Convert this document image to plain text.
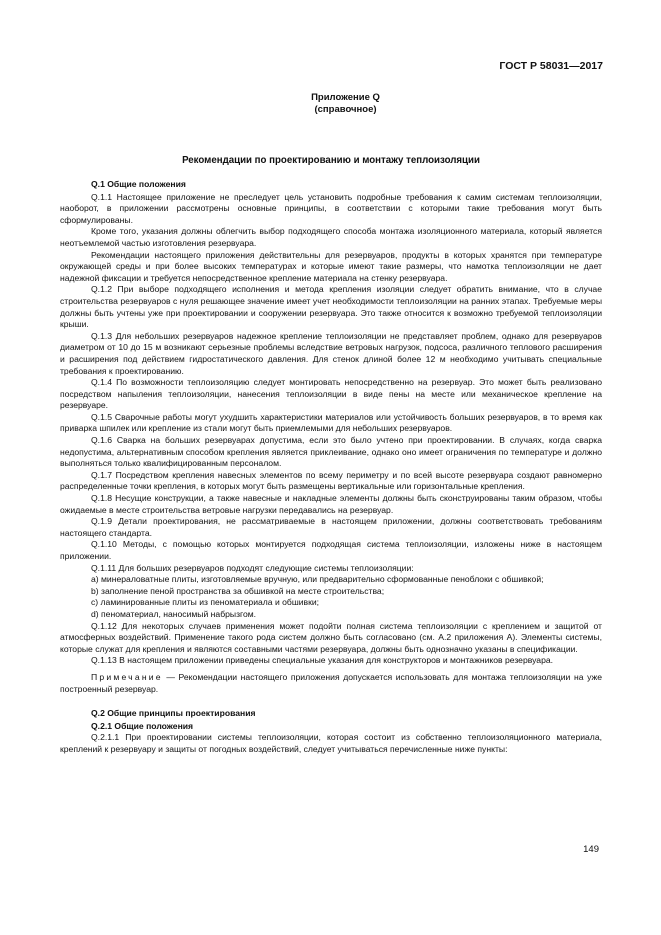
ГОСТ Р 58031—2017
Приложение Q
(справочное)
Рекомендации по проектированию и монтажу теплоизоляции

Q.1 Общие положения

Q.1.1 Настоящее приложение не преследует цель установить подробные требования к самим системам теплоизоляции, наоборот, в приложении рассмотрены основные принципы, в соответствии с которыми такие требования могут быть сформулированы.

Кроме того, указания должны облегчить выбор подходящего способа монтажа изоляционного материала, который является неотъемлемой частью изготовления резервуара.

Рекомендации настоящего приложения действительны для резервуаров, продукты в которых хранятся при температуре окружающей среды и при более высоких температурах и которые имеют такие размеры, что намотка теплоизоляции не дает надежной фиксации и требуется непосредственное крепление материала на стенку резервуара.

Q.1.2 При выборе подходящего исполнения и метода крепления изоляции следует обратить внимание, что в случае строительства резервуаров с нуля решающее значение имеет учет необходимости теплоизоляции на ранних этапах. Требуемые меры должны быть учтены уже при проектировании и сооружении резервуара. Это также относится к возможно требуемой теплоизоляции крыши.

Q.1.3 Для небольших резервуаров надежное крепление теплоизоляции не представляет проблем, однако для резервуаров диаметром от 10 до 15 м возникают серьезные проблемы вследствие ветровых нагрузок, подсоса, различного теплового расширения и расширения под действием гидростатического давления. Для стенок длиной более 12 м необходимо учитывать специальные требования к проектированию.

Q.1.4 По возможности теплоизоляцию следует монтировать непосредственно на резервуар. Это может быть реализовано посредством напыления теплоизоляции, нанесения теплоизоляции в виде пены на месте или механическое крепление на резервуаре.

Q.1.5 Сварочные работы могут ухудшить характеристики материалов или устойчивость больших резервуаров, в то время как приварка шпилек или крепление из стали могут быть приемлемыми для небольших резервуаров.

Q.1.6 Сварка на больших резервуарах допустима, если это было учтено при проектировании. В случаях, когда сварка недопустима, альтернативным способом крепления является приклеивание, однако оно имеет ограничения по температуре и должно выполняться только квалифицированным персоналом.

Q.1.7 Посредством крепления навесных элементов по всему периметру и по всей высоте резервуара создают равномерно распределенные точки крепления, в которых могут быть размещены вертикальные или горизонтальные крепления.

Q.1.8 Несущие конструкции, а также навесные и накладные элементы должны быть сконструированы таким образом, чтобы ожидаемые в месте строительства ветровые нагрузки передавались на резервуар.

Q.1.9 Детали проектирования, не рассматриваемые в настоящем приложении, должны соответствовать требованиям настоящего стандарта.

Q.1.10 Методы, с помощью которых монтируется подходящая система теплоизоляции, изложены ниже в настоящем приложении.

Q.1.11 Для больших резервуаров подходят следующие системы теплоизоляции:

a) минераловатные плиты, изготовляемые вручную, или предварительно сформованные пеноблоки с обшивкой;

b) заполнение пеной пространства за обшивкой на месте строительства;

c) ламинированные плиты из пеноматериала и обшивки;

d) пеноматериал, наносимый набрызгом.

Q.1.12 Для некоторых случаев применения может подойти полная система теплоизоляции с креплением и защитой от атмосферных воздействий. Применение такого рода систем должно быть согласовано (см. А.2 приложения А). Элементы системы, которые служат для крепления и являются составными частями резервуара, должны быть однозначно указаны в спецификации.

Q.1.13 В настоящем приложении приведены специальные указания для конструкторов и монтажников резервуара.

Примечание — Рекомендации настоящего приложения допускается использовать для монтажа теплоизоляции на уже построенный резервуар.

Q.2 Общие принципы проектирования

Q.2.1 Общие положения

Q.2.1.1 При проектировании системы теплоизоляции, которая состоит из собственно теплоизоляционного материала, креплений к резервуару и защиты от погодных воздействий, следует учитываться перечисленные ниже пункты:

149
